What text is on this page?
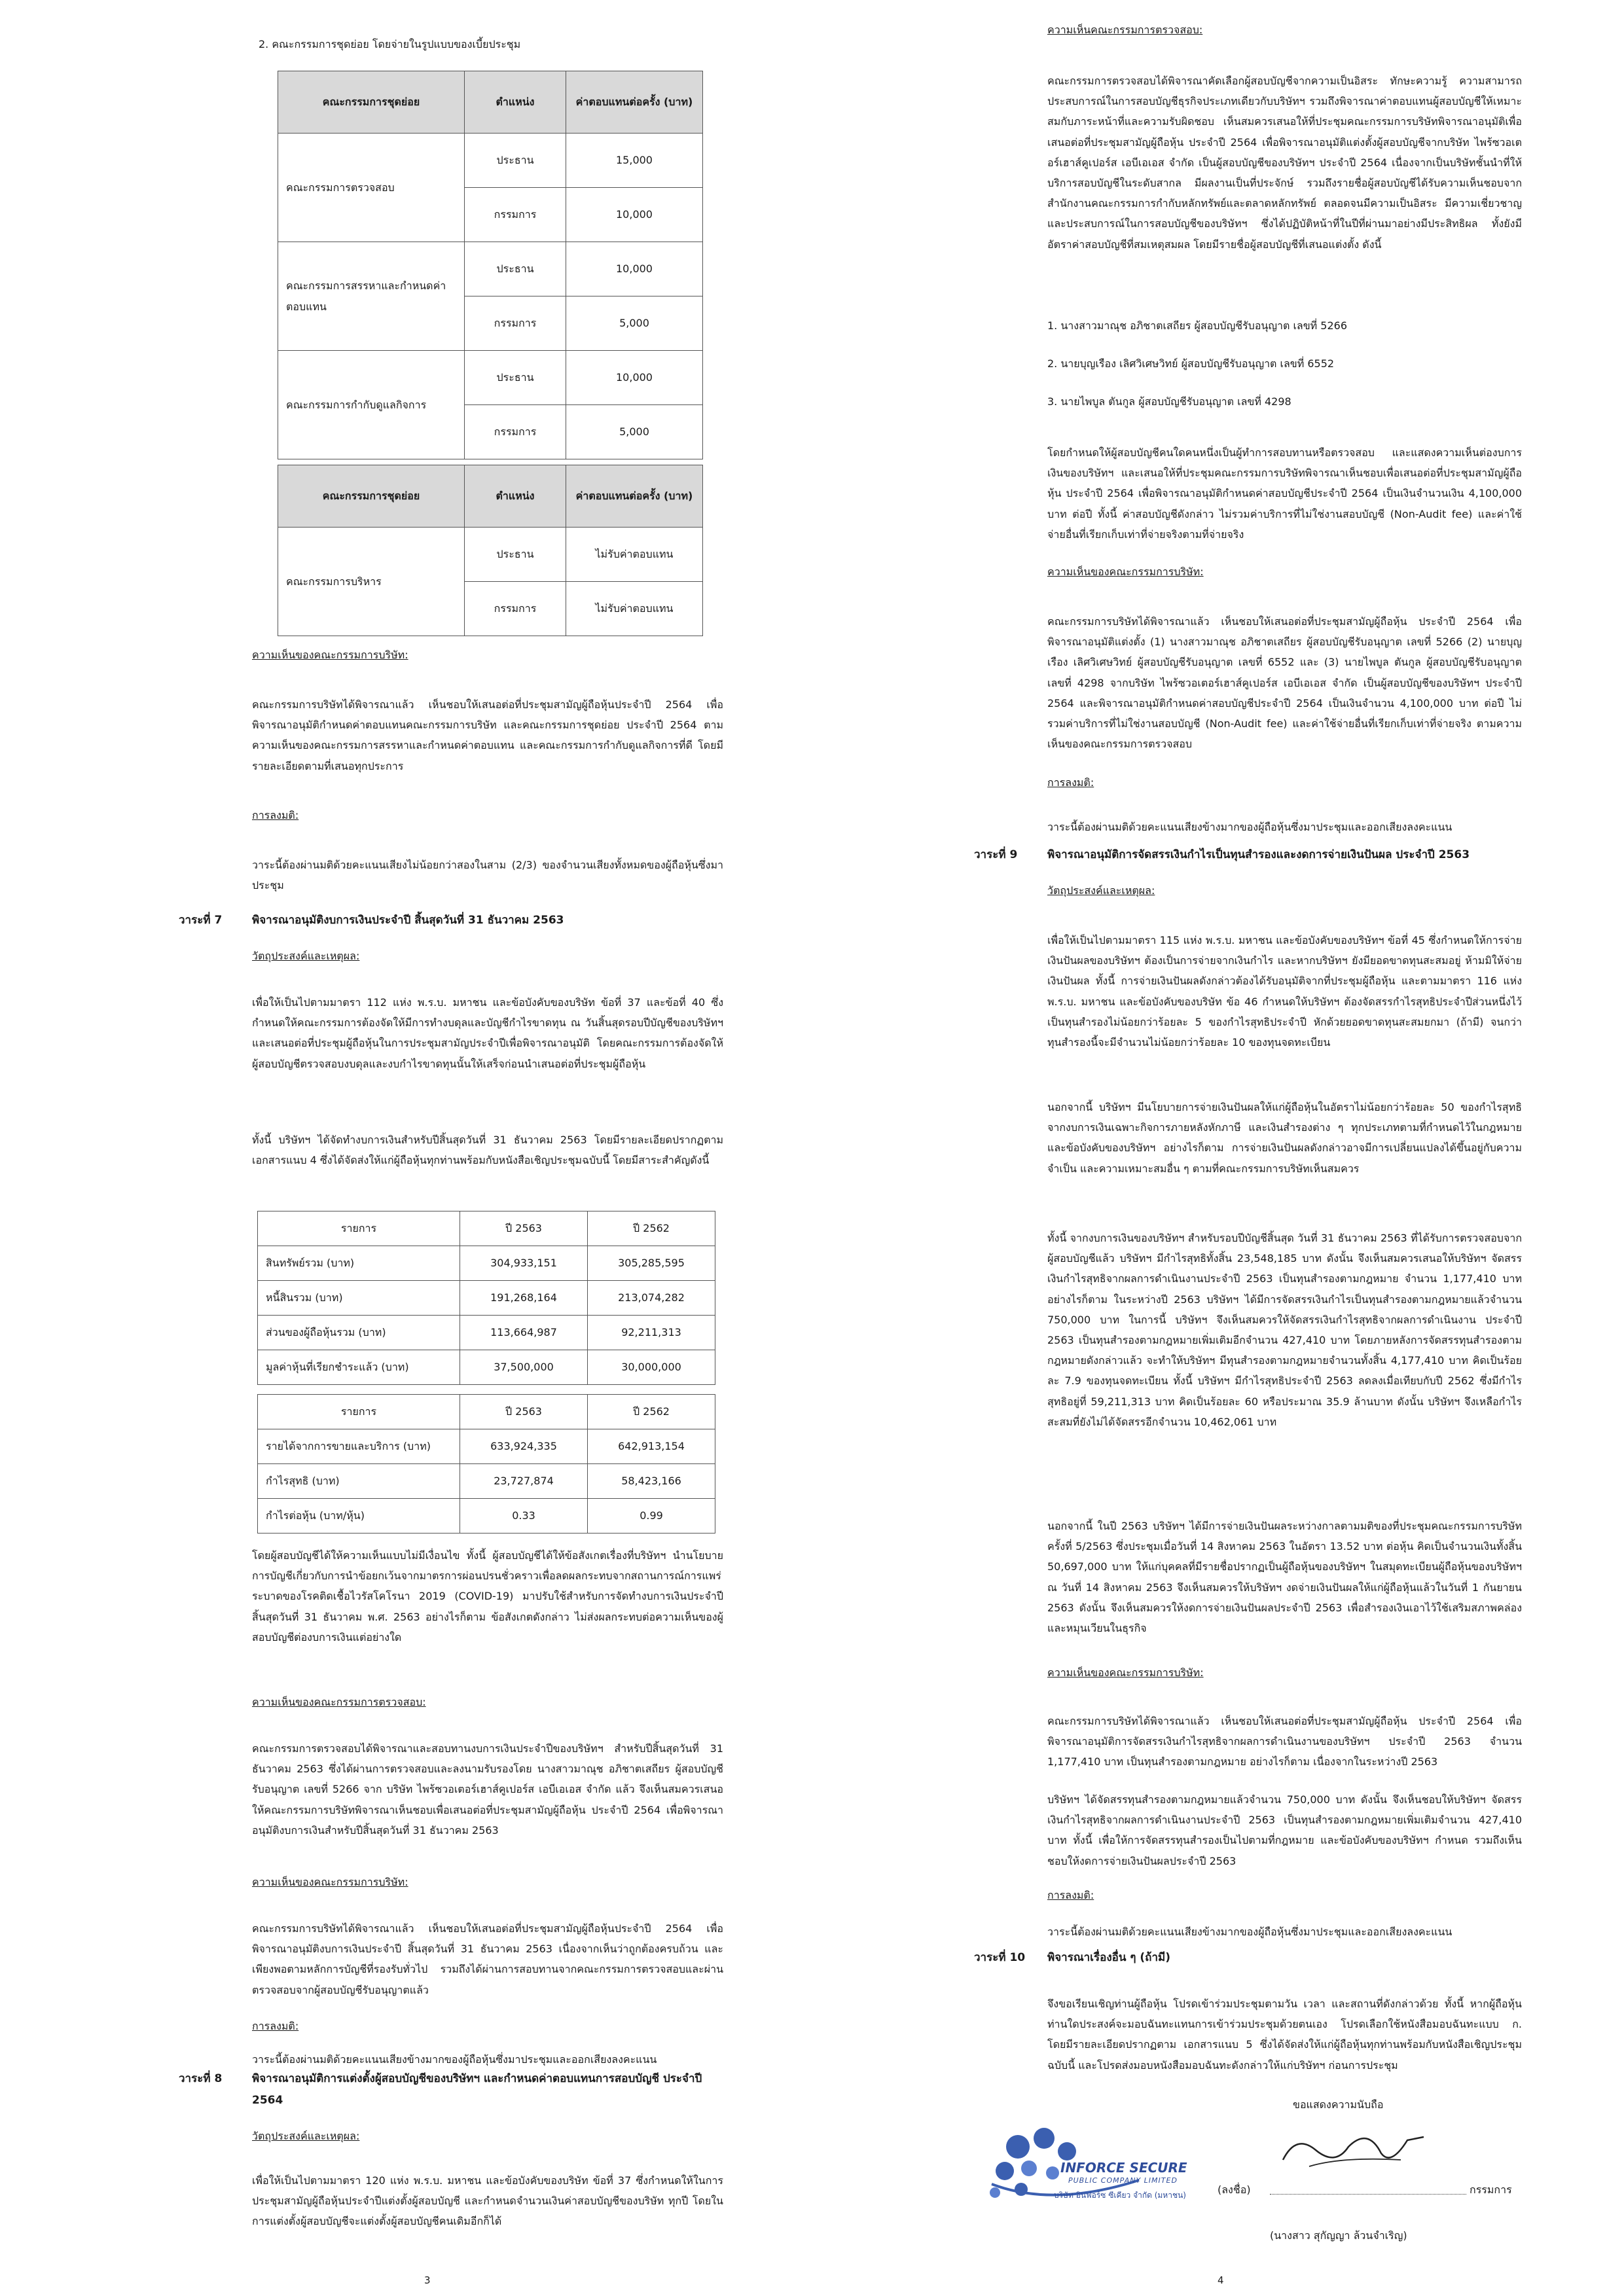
2. คณะกรรมการชุดย่อย โดยจ่ายในรูปแบบของเบี้ยประชุม

คณะกรรมการชุดย่อย	ตำแหน่ง	ค่าตอบแทนต่อครั้ง (บาท)
คณะกรรมการตรวจสอบ	ประธาน	15,000
	กรรมการ	10,000
คณะกรรมการสรรหาและกำหนดค่าตอบแทน	ประธาน	10,000
	กรรมการ	5,000
คณะกรรมการกำกับดูแลกิจการ	ประธาน	10,000
	กรรมการ	5,000
คณะกรรมการชุดย่อย	ตำแหน่ง	ค่าตอบแทนต่อครั้ง (บาท)
คณะกรรมการบริหาร	ประธาน	ไม่รับค่าตอบแทน
	กรรมการ	ไม่รับค่าตอบแทน
ความเห็นของคณะกรรมการบริษัท:

คณะกรรมการบริษัทได้พิจารณาแล้ว เห็นชอบให้เสนอต่อที่ประชุมสามัญผู้ถือหุ้นประจำปี 2564 เพื่อพิจารณาอนุมัติกำหนดค่าตอบแทนคณะกรรมการบริษัท และคณะกรรมการชุดย่อย ประจำปี 2564 ตามความเห็นของคณะกรรมการสรรหาและกำหนดค่าตอบแทน และคณะกรรมการกำกับดูแลกิจการที่ดี โดยมีรายละเอียดตามที่เสนอทุกประการ

การลงมติ:

วาระนี้ต้องผ่านมติด้วยคะแนนเสียงไม่น้อยกว่าสองในสาม (2/3) ของจำนวนเสียงทั้งหมดของผู้ถือหุ้นซึ่งมาประชุม

วาระที่ 7	พิจารณาอนุมัติงบการเงินประจำปี สิ้นสุดวันที่ 31 ธันวาคม 2563
วัตถุประสงค์และเหตุผล:

เพื่อให้เป็นไปตามมาตรา 112 แห่ง พ.ร.บ. มหาชน และข้อบังคับของบริษัท ข้อที่ 37 และข้อที่ 40 ซึ่งกำหนดให้คณะกรรมการต้องจัดให้มีการทำงบดุลและบัญชีกำไรขาดทุน ณ วันสิ้นสุดรอบปีบัญชีของบริษัทฯ และเสนอต่อที่ประชุมผู้ถือหุ้นในการประชุมสามัญประจำปีเพื่อพิจารณาอนุมัติ โดยคณะกรรมการต้องจัดให้ผู้สอบบัญชีตรวจสอบงบดุลและงบกำไรขาดทุนนั้นให้เสร็จก่อนนำเสนอต่อที่ประชุมผู้ถือหุ้น

ทั้งนี้ บริษัทฯ ได้จัดทำงบการเงินสำหรับปีสิ้นสุดวันที่ 31 ธันวาคม 2563 โดยมีรายละเอียดปรากฏตาม เอกสารแนบ 4 ซึ่งได้จัดส่งให้แก่ผู้ถือหุ้นทุกท่านพร้อมกับหนังสือเชิญประชุมฉบับนี้ โดยมีสาระสำคัญดังนี้

รายการ	ปี 2563	ปี 2562
สินทรัพย์รวม (บาท)	304,933,151	305,285,595
หนี้สินรวม (บาท)	191,268,164	213,074,282
ส่วนของผู้ถือหุ้นรวม (บาท)	113,664,987	92,211,313
มูลค่าหุ้นที่เรียกชำระแล้ว (บาท)	37,500,000	30,000,000
รายการ	ปี 2563	ปี 2562
รายได้จากการขายและบริการ (บาท)	633,924,335	642,913,154
กำไรสุทธิ (บาท)	23,727,874	58,423,166
กำไรต่อหุ้น (บาท/หุ้น)	0.33	0.99

โดยผู้สอบบัญชีได้ให้ความเห็นแบบไม่มีเงื่อนไข ทั้งนี้ ผู้สอบบัญชีได้ให้ข้อสังเกตเรื่องที่บริษัทฯ นำนโยบายการบัญชีเกี่ยวกับการนำข้อยกเว้นจากมาตรการผ่อนปรนชั่วคราวเพื่อลดผลกระทบจากสถานการณ์การแพร่ระบาดของโรคติดเชื้อไวรัสโคโรนา 2019 (COVID-19) มาปรับใช้สำหรับการจัดทำงบการเงินประจำปี สิ้นสุดวันที่ 31 ธันวาคม พ.ศ. 2563 อย่างไรก็ตาม ข้อสังเกตดังกล่าว ไม่ส่งผลกระทบต่อความเห็นของผู้สอบบัญชีต่องบการเงินแต่อย่างใด

ความเห็นของคณะกรรมการตรวจสอบ:

คณะกรรมการตรวจสอบได้พิจารณาและสอบทานงบการเงินประจำปีของบริษัทฯ สำหรับปีสิ้นสุดวันที่ 31 ธันวาคม 2563 ซึ่งได้ผ่านการตรวจสอบและลงนามรับรองโดย นางสาวมาณุช อภิชาตเสถียร ผู้สอบบัญชีรับอนุญาต เลขที่ 5266 จาก บริษัท ไพร้ซวอเตอร์เฮาส์คูเปอร์ส เอบีเอเอส จำกัด แล้ว จึงเห็นสมควรเสนอให้คณะกรรมการบริษัทพิจารณาเห็นชอบเพื่อเสนอต่อที่ประชุมสามัญผู้ถือหุ้น ประจำปี 2564 เพื่อพิจารณาอนุมัติงบการเงินสำหรับปีสิ้นสุดวันที่ 31 ธันวาคม 2563

ความเห็นของคณะกรรมการบริษัท:

คณะกรรมการบริษัทได้พิจารณาแล้ว เห็นชอบให้เสนอต่อที่ประชุมสามัญผู้ถือหุ้นประจำปี 2564 เพื่อพิจารณาอนุมัติงบการเงินประจำปี สิ้นสุดวันที่ 31 ธันวาคม 2563 เนื่องจากเห็นว่าถูกต้องครบถ้วน และเพียงพอตามหลักการบัญชีที่รองรับทั่วไป รวมถึงได้ผ่านการสอบทานจากคณะกรรมการตรวจสอบและผ่านตรวจสอบจากผู้สอบบัญชีรับอนุญาตแล้ว

การลงมติ:

วาระนี้ต้องผ่านมติด้วยคะแนนเสียงข้างมากของผู้ถือหุ้นซึ่งมาประชุมและออกเสียงลงคะแนน

วาระที่ 8	พิจารณาอนุมัติการแต่งตั้งผู้สอบบัญชีของบริษัทฯ และกำหนดค่าตอบแทนการสอบบัญชี ประจำปี 2564
วัตถุประสงค์และเหตุผล:

เพื่อให้เป็นไปตามมาตรา 120 แห่ง พ.ร.บ. มหาชน และข้อบังคับของบริษัท ข้อที่ 37 ซึ่งกำหนดให้ในการประชุมสามัญผู้ถือหุ้นประจำปีแต่งตั้งผู้สอบบัญชี และกำหนดจำนวนเงินค่าสอบบัญชีของบริษัท ทุกปี โดยในการแต่งตั้งผู้สอบบัญชีจะแต่งตั้งผู้สอบบัญชีคนเดิมอีกก็ได้

3
ความเห็นคณะกรรมการตรวจสอบ:

คณะกรรมการตรวจสอบได้พิจารณาคัดเลือกผู้สอบบัญชีจากความเป็นอิสระ ทักษะความรู้ ความสามารถ ประสบการณ์ในการสอบบัญชีธุรกิจประเภทเดียวกับบริษัทฯ รวมถึงพิจารณาค่าตอบแทนผู้สอบบัญชีให้เหมาะสมกับภาระหน้าที่และความรับผิดชอบ เห็นสมควรเสนอให้ที่ประชุมคณะกรรมการบริษัทพิจารณาอนุมัติเพื่อเสนอต่อที่ประชุมสามัญผู้ถือหุ้น ประจำปี 2564 เพื่อพิจารณาอนุมัติแต่งตั้งผู้สอบบัญชีจากบริษัท ไพร้ซวอเตอร์เฮาส์คูเปอร์ส เอบีเอเอส จำกัด เป็นผู้สอบบัญชีของบริษัทฯ ประจำปี 2564 เนื่องจากเป็นบริษัทชั้นนำที่ให้บริการสอบบัญชีในระดับสากล มีผลงานเป็นที่ประจักษ์ รวมถึงรายชื่อผู้สอบบัญชีได้รับความเห็นชอบจากสำนักงานคณะกรรมการกำกับหลักทรัพย์และตลาดหลักทรัพย์ ตลอดจนมีความเป็นอิสระ มีความเชี่ยวชาญและประสบการณ์ในการสอบบัญชีของบริษัทฯ ซึ่งได้ปฏิบัติหน้าที่ในปีที่ผ่านมาอย่างมีประสิทธิผล ทั้งยังมีอัตราค่าสอบบัญชีที่สมเหตุสมผล โดยมีรายชื่อผู้สอบบัญชีที่เสนอแต่งตั้ง ดังนี้

1. นางสาวมาณุช อภิชาตเสถียร ผู้สอบบัญชีรับอนุญาต เลขที่ 5266
2. นายบุญเรือง เลิศวิเศษวิทย์ ผู้สอบบัญชีรับอนุญาต เลขที่ 6552
3. นายไพบูล ตันกูล ผู้สอบบัญชีรับอนุญาต เลขที่ 4298

โดยกำหนดให้ผู้สอบบัญชีคนใดคนหนึ่งเป็นผู้ทำการสอบทานหรือตรวจสอบ และแสดงความเห็นต่องบการเงินของบริษัทฯ และเสนอให้ที่ประชุมคณะกรรมการบริษัทพิจารณาเห็นชอบเพื่อเสนอต่อที่ประชุมสามัญผู้ถือหุ้น ประจำปี 2564 เพื่อพิจารณาอนุมัติกำหนดค่าสอบบัญชีประจำปี 2564 เป็นเงินจำนวนเงิน 4,100,000 บาท ต่อปี ทั้งนี้ ค่าสอบบัญชีดังกล่าว ไม่รวมค่าบริการที่ไม่ใช่งานสอบบัญชี (Non-Audit fee) และค่าใช้จ่ายอื่นที่เรียกเก็บเท่าที่จ่ายจริงตามที่จ่ายจริง

ความเห็นของคณะกรรมการบริษัท:

คณะกรรมการบริษัทได้พิจารณาแล้ว เห็นชอบให้เสนอต่อที่ประชุมสามัญผู้ถือหุ้น ประจำปี 2564 เพื่อพิจารณาอนุมัติแต่งตั้ง (1) นางสาวมาณุช อภิชาตเสถียร ผู้สอบบัญชีรับอนุญาต เลขที่ 5266 (2) นายบุญเรือง เลิศวิเศษวิทย์ ผู้สอบบัญชีรับอนุญาต เลขที่ 6552 และ (3) นายไพบูล ตันกูล ผู้สอบบัญชีรับอนุญาต เลขที่ 4298 จากบริษัท ไพร้ซวอเตอร์เฮาส์คูเปอร์ส เอบีเอเอส จำกัด เป็นผู้สอบบัญชีของบริษัทฯ ประจำปี 2564 และพิจารณาอนุมัติกำหนดค่าสอบบัญชีประจำปี 2564 เป็นเงินจำนวน 4,100,000 บาท ต่อปี ไม่รวมค่าบริการที่ไม่ใช่งานสอบบัญชี (Non-Audit fee) และค่าใช้จ่ายอื่นที่เรียกเก็บเท่าที่จ่ายจริง ตามความเห็นของคณะกรรมการตรวจสอบ

การลงมติ:

วาระนี้ต้องผ่านมติด้วยคะแนนเสียงข้างมากของผู้ถือหุ้นซึ่งมาประชุมและออกเสียงลงคะแนน

วาระที่ 9	พิจารณาอนุมัติการจัดสรรเงินกำไรเป็นทุนสำรองและงดการจ่ายเงินปันผล ประจำปี 2563
วัตถุประสงค์และเหตุผล:

เพื่อให้เป็นไปตามมาตรา 115 แห่ง พ.ร.บ. มหาชน และข้อบังคับของบริษัทฯ ข้อที่ 45 ซึ่งกำหนดให้การจ่ายเงินปันผลของบริษัทฯ ต้องเป็นการจ่ายจากเงินกำไร และหากบริษัทฯ ยังมียอดขาดทุนสะสมอยู่ ห้ามมิให้จ่ายเงินปันผล ทั้งนี้ การจ่ายเงินปันผลดังกล่าวต้องได้รับอนุมัติจากที่ประชุมผู้ถือหุ้น และตามมาตรา 116 แห่ง พ.ร.บ. มหาชน และข้อบังคับของบริษัท ข้อ 46 กำหนดให้บริษัทฯ ต้องจัดสรรกำไรสุทธิประจำปีส่วนหนึ่งไว้เป็นทุนสำรองไม่น้อยกว่าร้อยละ 5 ของกำไรสุทธิประจำปี หักด้วยยอดขาดทุนสะสมยกมา (ถ้ามี) จนกว่าทุนสำรองนี้จะมีจำนวนไม่น้อยกว่าร้อยละ 10 ของทุนจดทะเบียน

นอกจากนี้ บริษัทฯ มีนโยบายการจ่ายเงินปันผลให้แก่ผู้ถือหุ้นในอัตราไม่น้อยกว่าร้อยละ 50 ของกำไรสุทธิจากงบการเงินเฉพาะกิจการภายหลังหักภาษี และเงินสำรองต่าง ๆ ทุกประเภทตามที่กำหนดไว้ในกฎหมายและข้อบังคับของบริษัทฯ อย่างไรก็ตาม การจ่ายเงินปันผลดังกล่าวอาจมีการเปลี่ยนแปลงได้ขึ้นอยู่กับความจำเป็น และความเหมาะสมอื่น ๆ ตามที่คณะกรรมการบริษัทเห็นสมควร

ทั้งนี้ จากงบการเงินของบริษัทฯ สำหรับรอบปีบัญชีสิ้นสุด วันที่ 31 ธันวาคม 2563 ที่ได้รับการตรวจสอบจากผู้สอบบัญชีแล้ว บริษัทฯ มีกำไรสุทธิทั้งสิ้น 23,548,185 บาท ดังนั้น จึงเห็นสมควรเสนอให้บริษัทฯ จัดสรรเงินกำไรสุทธิจากผลการดำเนินงานประจำปี 2563 เป็นทุนสำรองตามกฎหมาย จำนวน 1,177,410 บาท อย่างไรก็ตาม ในระหว่างปี 2563 บริษัทฯ ได้มีการจัดสรรเงินกำไรเป็นทุนสำรองตามกฎหมายแล้วจำนวน 750,000 บาท ในการนี้ บริษัทฯ จึงเห็นสมควรให้จัดสรรเงินกำไรสุทธิจากผลการดำเนินงาน ประจำปี 2563 เป็นทุนสำรองตามกฎหมายเพิ่มเติมอีกจำนวน 427,410 บาท โดยภายหลังการจัดสรรทุนสำรองตามกฎหมายดังกล่าวแล้ว จะทำให้บริษัทฯ มีทุนสำรองตามกฎหมายจำนวนทั้งสิ้น 4,177,410 บาท คิดเป็นร้อยละ 7.9 ของทุนจดทะเบียน ทั้งนี้ บริษัทฯ มีกำไรสุทธิประจำปี 2563 ลดลงเมื่อเทียบกับปี 2562 ซึ่งมีกำไรสุทธิอยู่ที่ 59,211,313 บาท คิดเป็นร้อยละ 60 หรือประมาณ 35.9 ล้านบาท ดังนั้น บริษัทฯ จึงเหลือกำไรสะสมที่ยังไม่ได้จัดสรรอีกจำนวน 10,462,061 บาท

นอกจากนี้ ในปี 2563 บริษัทฯ ได้มีการจ่ายเงินปันผลระหว่างกาลตามมติของที่ประชุมคณะกรรมการบริษัทครั้งที่ 5/2563 ซึ่งประชุมเมื่อวันที่ 14 สิงหาคม 2563 ในอัตรา 13.52 บาท ต่อหุ้น คิดเป็นจำนวนเงินทั้งสิ้น 50,697,000 บาท ให้แก่บุคคลที่มีรายชื่อปรากฏเป็นผู้ถือหุ้นของบริษัทฯ ในสมุดทะเบียนผู้ถือหุ้นของบริษัทฯ ณ วันที่ 14 สิงหาคม 2563 จึงเห็นสมควรให้บริษัทฯ งดจ่ายเงินปันผลให้แก่ผู้ถือหุ้นแล้วในวันที่ 1 กันยายน 2563 ดังนั้น จึงเห็นสมควรให้งดการจ่ายเงินปันผลประจำปี 2563 เพื่อสำรองเงินเอาไว้ใช้เสริมสภาพคล่องและหมุนเวียนในธุรกิจ

ความเห็นของคณะกรรมการบริษัท:

คณะกรรมการบริษัทได้พิจารณาแล้ว เห็นชอบให้เสนอต่อที่ประชุมสามัญผู้ถือหุ้น ประจำปี 2564 เพื่อพิจารณาอนุมัติการจัดสรรเงินกำไรสุทธิจากผลการดำเนินงานของบริษัทฯ ประจำปี 2563 จำนวน 1,177,410 บาท เป็นทุนสำรองตามกฎหมาย อย่างไรก็ตาม เนื่องจากในระหว่างปี 2563

บริษัทฯ ได้จัดสรรทุนสำรองตามกฎหมายแล้วจำนวน 750,000 บาท ดังนั้น จึงเห็นชอบให้บริษัทฯ จัดสรรเงินกำไรสุทธิจากผลการดำเนินงานประจำปี 2563 เป็นทุนสำรองตามกฎหมายเพิ่มเติมจำนวน 427,410 บาท ทั้งนี้ เพื่อให้การจัดสรรทุนสำรองเป็นไปตามที่กฎหมาย และข้อบังคับของบริษัทฯ กำหนด รวมถึงเห็นชอบให้งดการจ่ายเงินปันผลประจำปี 2563

การลงมติ:

วาระนี้ต้องผ่านมติด้วยคะแนนเสียงข้างมากของผู้ถือหุ้นซึ่งมาประชุมและออกเสียงลงคะแนน

วาระที่ 10 พิจารณาเรื่องอื่น ๆ (ถ้ามี)

จึงขอเรียนเชิญท่านผู้ถือหุ้น โปรดเข้าร่วมประชุมตามวัน เวลา และสถานที่ดังกล่าวด้วย ทั้งนี้ หากผู้ถือหุ้นท่านใดประสงค์จะมอบฉันทะแทนการเข้าร่วมประชุมด้วยตนเอง โปรดเลือกใช้หนังสือมอบฉันทะแบบ ก. โดยมีรายละเอียดปรากฏตาม เอกสารแนบ 5 ซึ่งได้จัดส่งให้แก่ผู้ถือหุ้นทุกท่านพร้อมกับหนังสือเชิญประชุมฉบับนี้ และโปรดส่งมอบหนังสือมอบฉันทะดังกล่าวให้แก่บริษัทฯ ก่อนการประชุม

ขอแสดงความนับถือ
INFORCE SECURE
PUBLIC COMPANY LIMITED
บริษัท อินฟอร์ซ ซีเคียว จำกัด (มหาชน)	(ลงชื่อ)	กรรมการ
(นางสาว สุกัญญา ล้วนจำเริญ)
4
